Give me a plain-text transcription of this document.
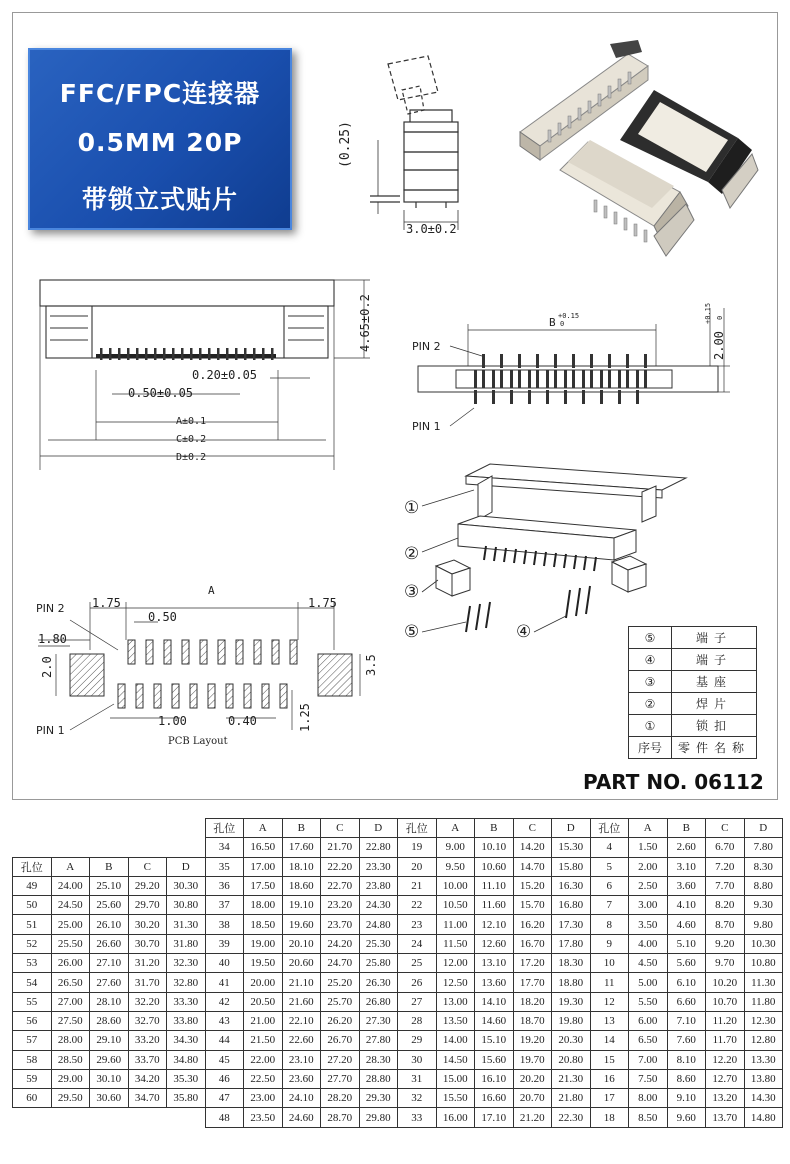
FFC/FPC连接器
0.5MM 20P
带锁立式贴片
(0.25)
3.0±0.2
4.65±0.2
0.20±0.05
0.50±0.05
A±0.1
C±0.2
D±0.2
B +0.15
0
2.00
+0.15 0
PIN 2
PIN 1
①
②
③
⑤	④
A
1.75	1.75
0.50
1.80
2.0	3.5
1.00	0.40	1.25
PIN 2
PIN 1
PCB Layout
⑤	端子
④	端子
③	基座
②	焊片
①	锁扣
序号	零件名称
PART NO. 06112
					孔位	A	B	C	D	孔位	A	B	C	D	孔位	A	B	C	D
					34	16.50	17.60	21.70	22.80	19	9.00	10.10	14.20	15.30	4	1.50	2.60	6.70	7.80
孔位	A	B	C	D	35	17.00	18.10	22.20	23.30	20	9.50	10.60	14.70	15.80	5	2.00	3.10	7.20	8.30
49	24.00	25.10	29.20	30.30	36	17.50	18.60	22.70	23.80	21	10.00	11.10	15.20	16.30	6	2.50	3.60	7.70	8.80
50	24.50	25.60	29.70	30.80	37	18.00	19.10	23.20	24.30	22	10.50	11.60	15.70	16.80	7	3.00	4.10	8.20	9.30
51	25.00	26.10	30.20	31.30	38	18.50	19.60	23.70	24.80	23	11.00	12.10	16.20	17.30	8	3.50	4.60	8.70	9.80
52	25.50	26.60	30.70	31.80	39	19.00	20.10	24.20	25.30	24	11.50	12.60	16.70	17.80	9	4.00	5.10	9.20	10.30
53	26.00	27.10	31.20	32.30	40	19.50	20.60	24.70	25.80	25	12.00	13.10	17.20	18.30	10	4.50	5.60	9.70	10.80
54	26.50	27.60	31.70	32.80	41	20.00	21.10	25.20	26.30	26	12.50	13.60	17.70	18.80	11	5.00	6.10	10.20	11.30
55	27.00	28.10	32.20	33.30	42	20.50	21.60	25.70	26.80	27	13.00	14.10	18.20	19.30	12	5.50	6.60	10.70	11.80
56	27.50	28.60	32.70	33.80	43	21.00	22.10	26.20	27.30	28	13.50	14.60	18.70	19.80	13	6.00	7.10	11.20	12.30
57	28.00	29.10	33.20	34.30	44	21.50	22.60	26.70	27.80	29	14.00	15.10	19.20	20.30	14	6.50	7.60	11.70	12.80
58	28.50	29.60	33.70	34.80	45	22.00	23.10	27.20	28.30	30	14.50	15.60	19.70	20.80	15	7.00	8.10	12.20	13.30
59	29.00	30.10	34.20	35.30	46	22.50	23.60	27.70	28.80	31	15.00	16.10	20.20	21.30	16	7.50	8.60	12.70	13.80
60	29.50	30.60	34.70	35.80	47	23.00	24.10	28.20	29.30	32	15.50	16.60	20.70	21.80	17	8.00	9.10	13.20	14.30
					48	23.50	24.60	28.70	29.80	33	16.00	17.10	21.20	22.30	18	8.50	9.60	13.70	14.80
